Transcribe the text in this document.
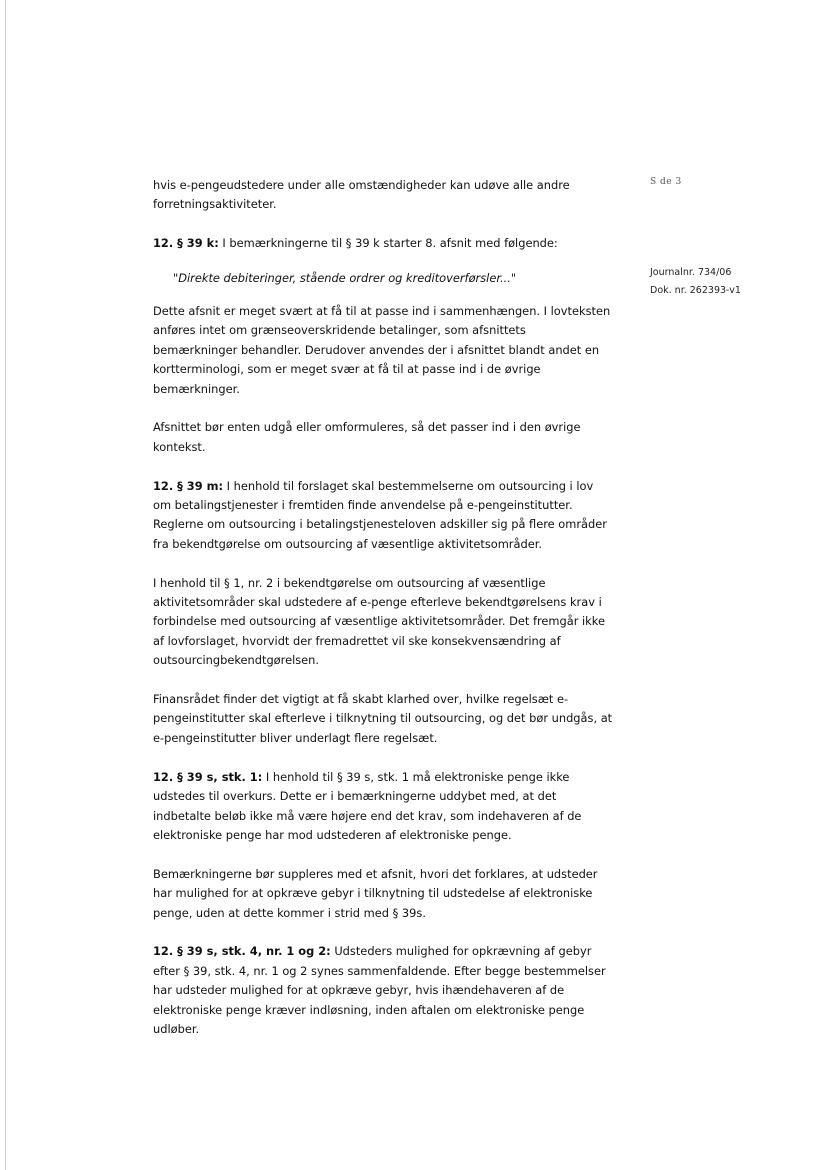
S de 3
Journalnr. 734/06
Dok. nr. 262393-v1

hvis e-pengeudstedere under alle omstændigheder kan udøve alle andre forretningsaktiviteter.

12. § 39 k: I bemærkningerne til § 39 k starter 8. afsnit med følgende:

"Direkte debiteringer, stående ordrer og kreditoverførsler..."

Dette afsnit er meget svært at få til at passe ind i sammenhængen. I lovteksten anføres intet om grænseoverskridende betalinger, som afsnittets bemærkninger behandler. Derudover anvendes der i afsnittet blandt andet en kortterminologi, som er meget svær at få til at passe ind i de øvrige bemærkninger.

Afsnittet bør enten udgå eller omformuleres, så det passer ind i den øvrige kontekst.

12. § 39 m: I henhold til forslaget skal bestemmelserne om outsourcing i lov om betalingstjenester i fremtiden finde anvendelse på e-pengeinstitutter. Reglerne om outsourcing i betalingstjenesteloven adskiller sig på flere områder fra bekendtgørelse om outsourcing af væsentlige aktivitetsområder.

I henhold til § 1, nr. 2 i bekendtgørelse om outsourcing af væsentlige aktivitetsområder skal udstedere af e-penge efterleve bekendtgørelsens krav i forbindelse med outsourcing af væsentlige aktivitetsområder. Det fremgår ikke af lovforslaget, hvorvidt der fremadrettet vil ske konsekvensændring af outsourcingbekendtgørelsen.

Finansrådet finder det vigtigt at få skabt klarhed over, hvilke regelsæt e-pengeinstitutter skal efterleve i tilknytning til outsourcing, og det bør undgås, at e-pengeinstitutter bliver underlagt flere regelsæt.

12. § 39 s, stk. 1: I henhold til § 39 s, stk. 1 må elektroniske penge ikke udstedes til overkurs. Dette er i bemærkningerne uddybet med, at det indbetalte beløb ikke må være højere end det krav, som indehaveren af de elektroniske penge har mod udstederen af elektroniske penge.

Bemærkningerne bør suppleres med et afsnit, hvori det forklares, at udsteder har mulighed for at opkræve gebyr i tilknytning til udstedelse af elektroniske penge, uden at dette kommer i strid med § 39s.

12. § 39 s, stk. 4, nr. 1 og 2: Udsteders mulighed for opkrævning af gebyr efter § 39, stk. 4, nr. 1 og 2 synes sammenfaldende. Efter begge bestemmelser har udsteder mulighed for at opkræve gebyr, hvis ihændehaveren af de elektroniske penge kræver indløsning, inden aftalen om elektroniske penge udløber.
